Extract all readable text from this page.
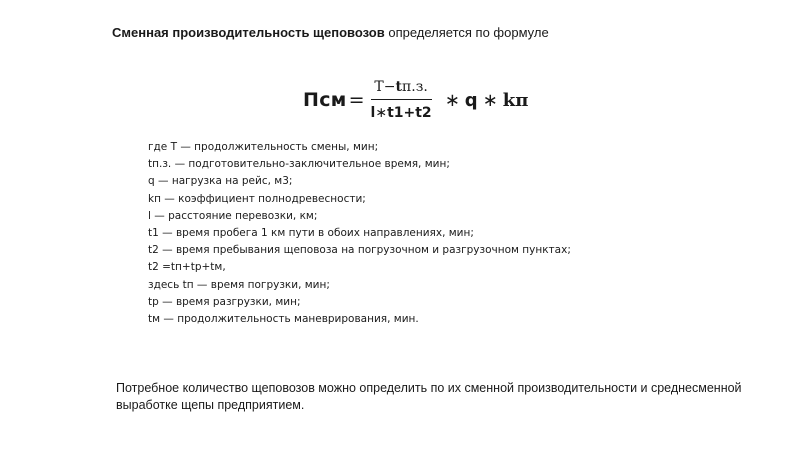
Сменная производительность щеповозов определяется по формуле
Псм = $\frac{T-tп.з.}{l∗t1+t2}$ ∗ q ∗ kп
где T — продолжительность смены, мин;
tп.з. — подготовительно-заключительное время, мин;
q — нагрузка на рейс, м3;
kп — коэффициент полнодревесности;
l — расстояние перевозки, км;
t1 — время пробега 1 км пути в обоих направлениях, мин;
t2 — время пребывания щеповоза на погрузочном и разгрузочном пунктах;
t2 =tп+tр+tм,
здесь tп — время погрузки, мин;
tр — время разгрузки, мин;
tм — продолжительность маневрирования, мин.
Потребное количество щеповозов можно определить по их сменной производительности и среднесменной выработке щепы предприятием.
